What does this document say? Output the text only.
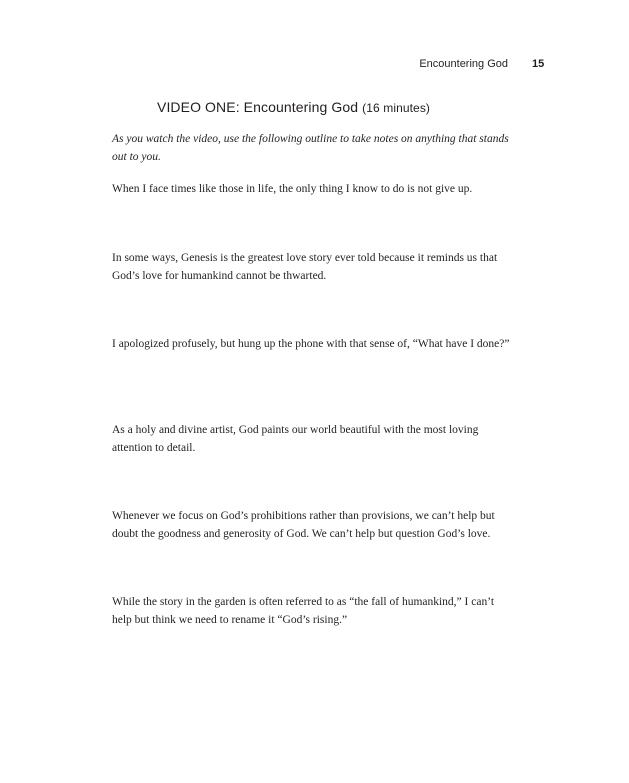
Encountering God 15
VIDEO ONE: Encountering God (16 minutes)
As you watch the video, use the following outline to take notes on anything that stands out to you.
When I face times like those in life, the only thing I know to do is not give up.
In some ways, Genesis is the greatest love story ever told because it reminds us that God’s love for humankind cannot be thwarted.
I apologized profusely, but hung up the phone with that sense of, “What have I done?”
As a holy and divine artist, God paints our world beautiful with the most loving attention to detail.
Whenever we focus on God’s prohibitions rather than provisions, we can’t help but doubt the goodness and generosity of God. We can’t help but question God’s love.
While the story in the garden is often referred to as “the fall of humankind,” I can’t help but think we need to rename it “God’s rising.”
